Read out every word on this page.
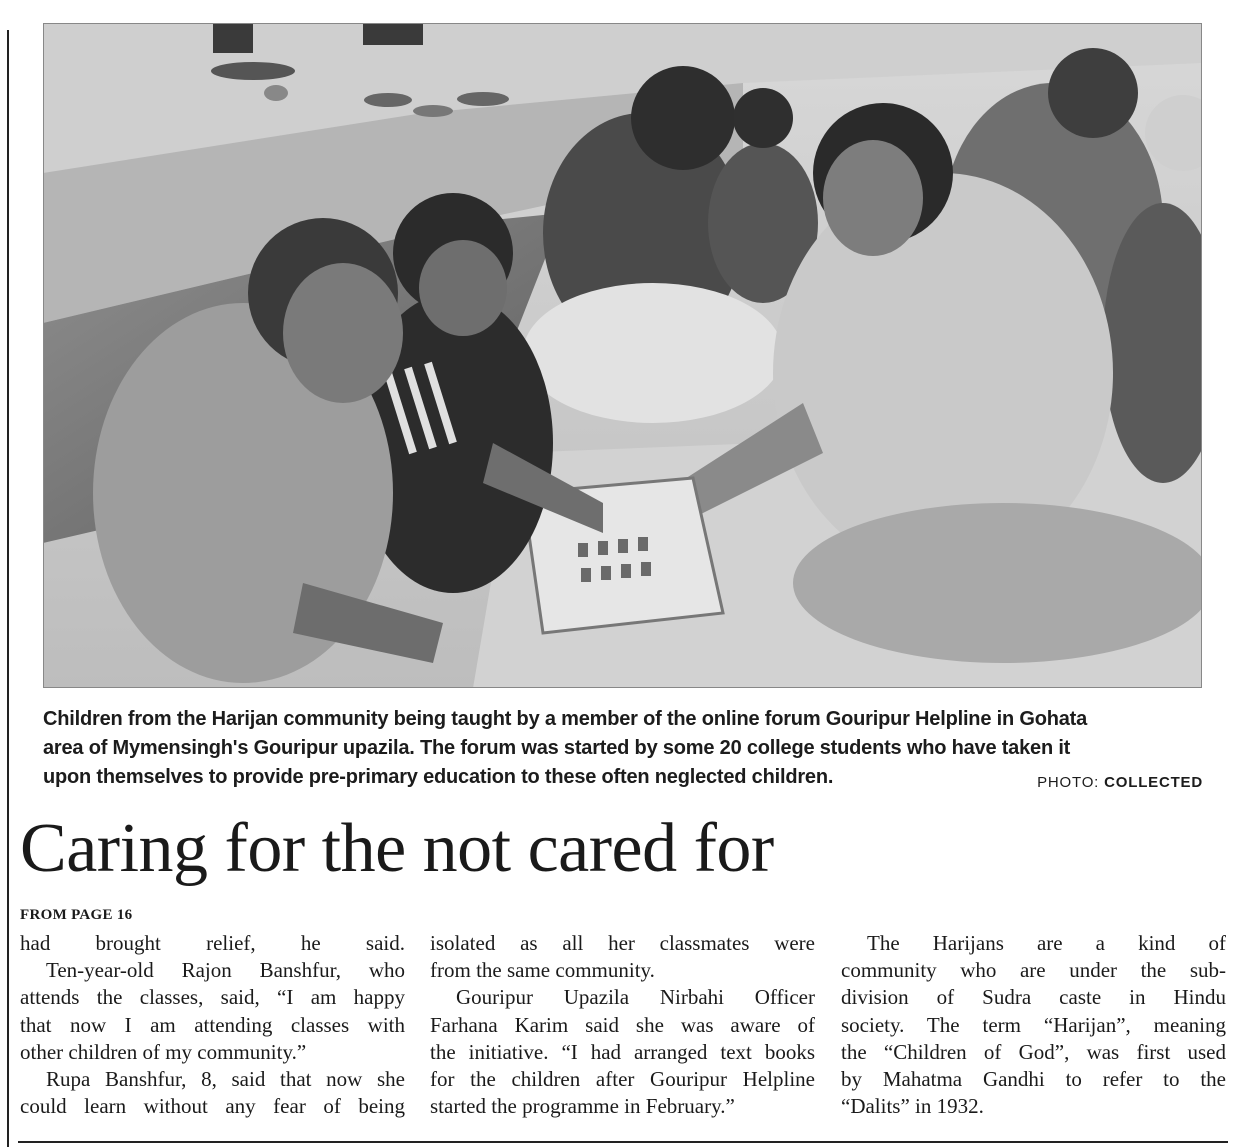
Children from the Harijan community being taught by a member of the online forum Gouripur Helpline in Gohata
area of Mymensingh's Gouripur upazila. The forum was started by some 20 college students who have taken it
upon themselves to provide pre-primary education to these often neglected children.	PHOTO: COLLECTED
Caring for the not cared for
FROM PAGE 16
had brought relief, he said.
Ten-year-old Rajon Banshfur, who
attends the classes, said, “I am happy
that now I am attending classes with
other children of my community.”
Rupa Banshfur, 8, said that now she
could learn without any fear of being
isolated as all her classmates were
from the same community.
Gouripur Upazila Nirbahi Officer
Farhana Karim said she was aware of
the initiative. “I had arranged text books
for the children after Gouripur Helpline
started the programme in February.”
The Harijans are a kind of
community who are under the sub-
division of Sudra caste in Hindu
society. The term “Harijan”, meaning
the “Children of God”, was first used
by Mahatma Gandhi to refer to the
“Dalits” in 1932.
